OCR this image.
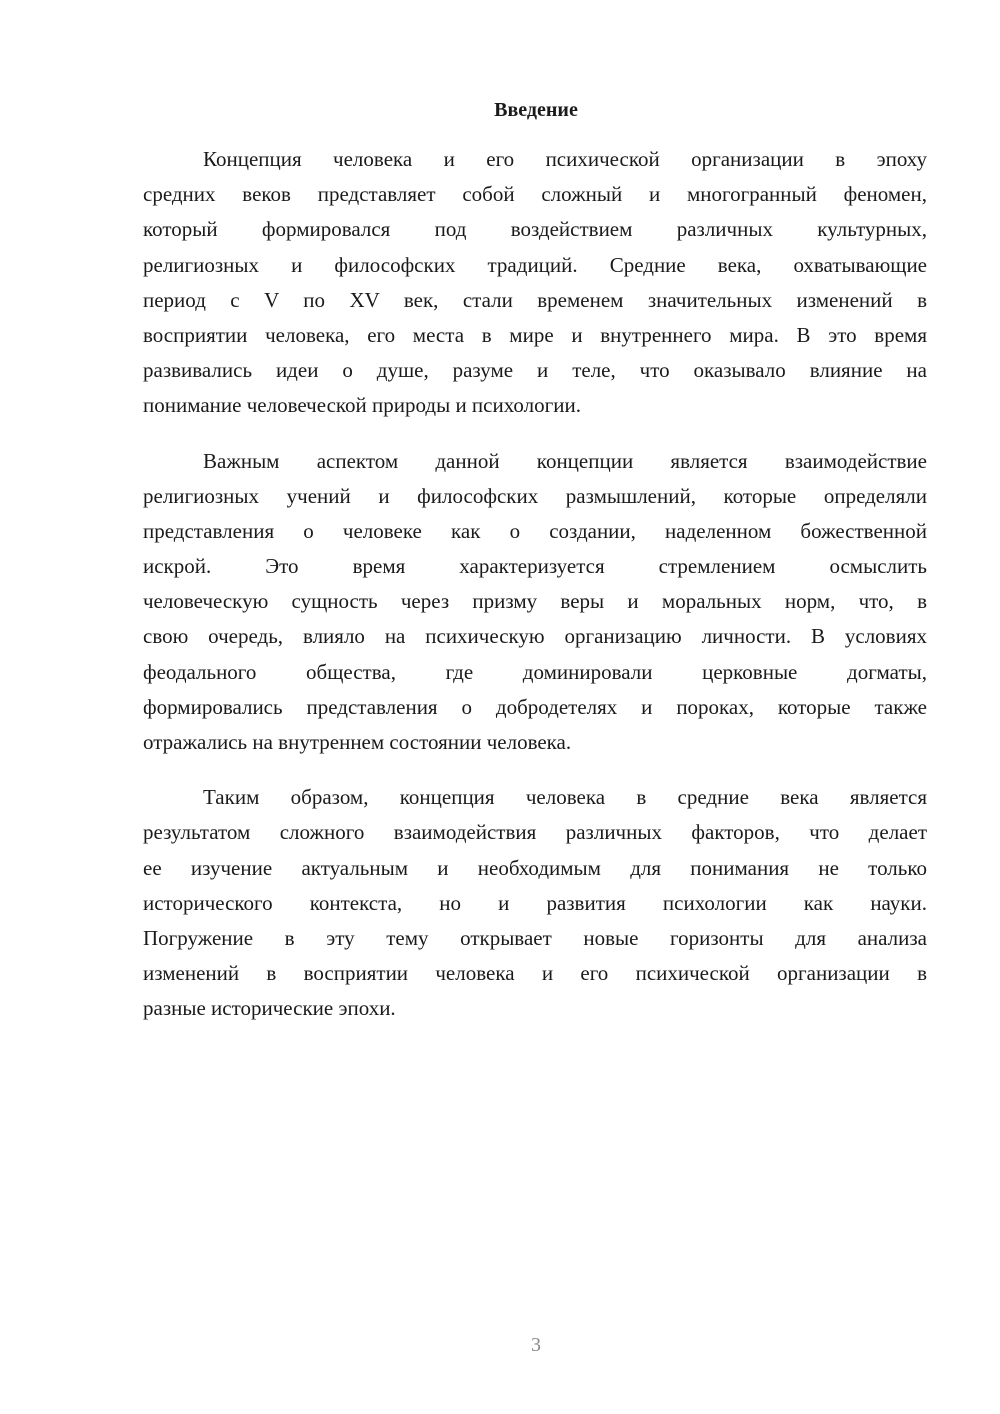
Введение
Концепция человека и его психической организации в эпоху
средних веков представляет собой сложный и многогранный феномен,
который формировался под воздействием различных культурных,
религиозных и философских традиций. Средние века, охватывающие
период с V по XV век, стали временем значительных изменений в
восприятии человека, его места в мире и внутреннего мира. В это время
развивались идеи о душе, разуме и теле, что оказывало влияние на
понимание человеческой природы и психологии.
Важным аспектом данной концепции является взаимодействие
религиозных учений и философских размышлений, которые определяли
представления о человеке как о создании, наделенном божественной
искрой. Это время характеризуется стремлением осмыслить
человеческую сущность через призму веры и моральных норм, что, в
свою очередь, влияло на психическую организацию личности. В условиях
феодального общества, где доминировали церковные догматы,
формировались представления о добродетелях и пороках, которые также
отражались на внутреннем состоянии человека.
Таким образом, концепция человека в средние века является
результатом сложного взаимодействия различных факторов, что делает
ее изучение актуальным и необходимым для понимания не только
исторического контекста, но и развития психологии как науки.
Погружение в эту тему открывает новые горизонты для анализа
изменений в восприятии человека и его психической организации в
разные исторические эпохи.
3
